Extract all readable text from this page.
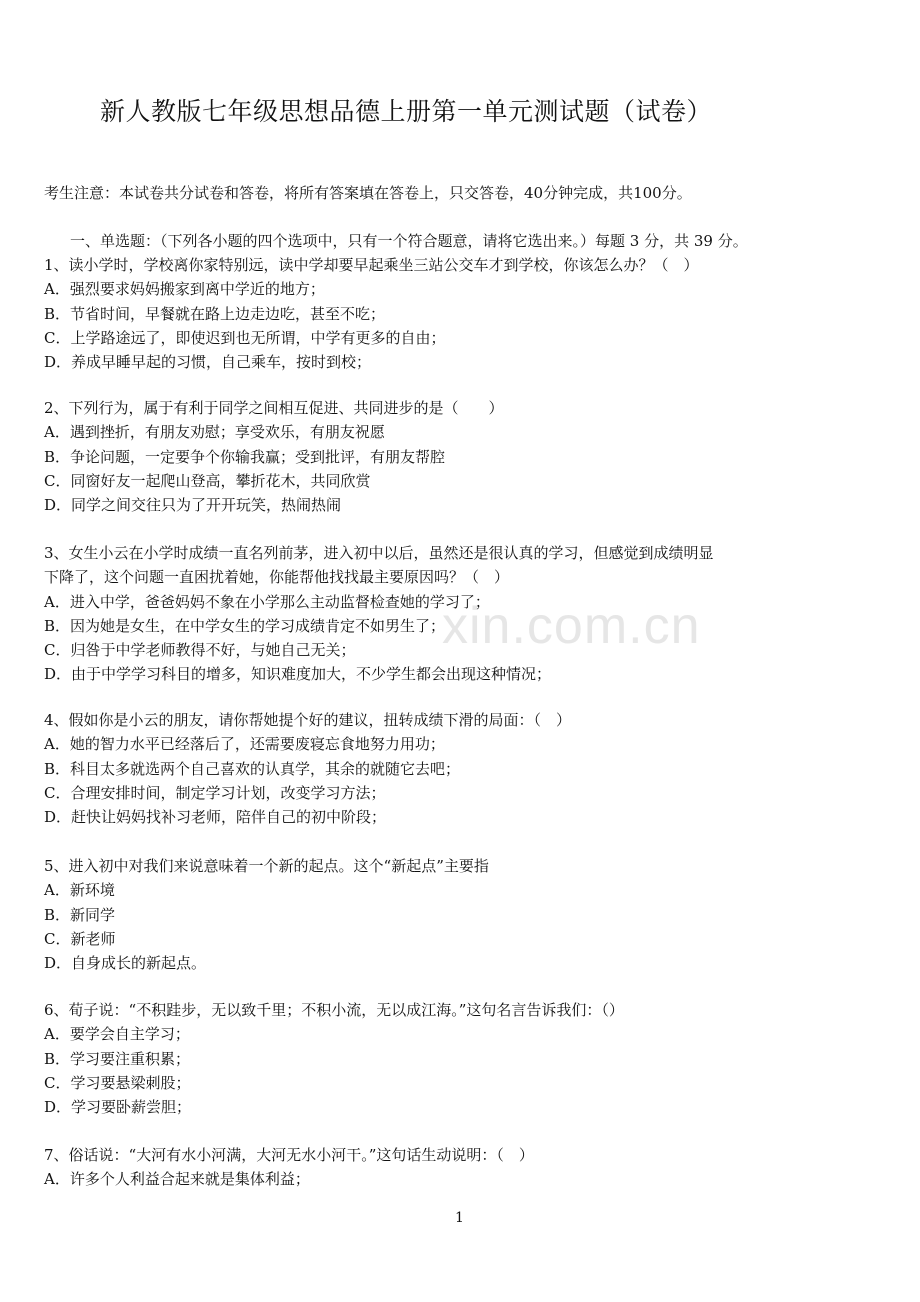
新人教版七年级思想品德上册第一单元测试题（试卷）
考生注意：本试卷共分试卷和答卷，将所有答案填在答卷上，只交答卷，40分钟完成，共100分。
一、单选题：（下列各小题的四个选项中，只有一个符合题意，请将它选出来。）每题 3 分，共 39 分。
xin.com.cn
1、读小学时，学校离你家特别远，读中学却要早起乘坐三站公交车才到学校，你该怎么办？（　）
A．强烈要求妈妈搬家到离中学近的地方；
B．节省时间，早餐就在路上边走边吃，甚至不吃；
C．上学路途远了，即使迟到也无所谓，中学有更多的自由；
D．养成早睡早起的习惯，自己乘车，按时到校；
2、下列行为，属于有利于同学之间相互促进、共同进步的是（　　）
A．遇到挫折，有朋友劝慰；享受欢乐，有朋友祝愿
B．争论问题，一定要争个你输我赢；受到批评，有朋友帮腔
C．同窗好友一起爬山登高，攀折花木，共同欣赏
D．同学之间交往只为了开开玩笑，热闹热闹
3、女生小云在小学时成绩一直名列前茅，进入初中以后，虽然还是很认真的学习，但感觉到成绩明显
下降了，这个问题一直困扰着她，你能帮他找找最主要原因吗？（　）
A．进入中学，爸爸妈妈不象在小学那么主动监督检查她的学习了；
B．因为她是女生，在中学女生的学习成绩肯定不如男生了；
C．归咎于中学老师教得不好，与她自己无关；
D．由于中学学习科目的增多，知识难度加大，不少学生都会出现这种情况；
4、假如你是小云的朋友，请你帮她提个好的建议，扭转成绩下滑的局面：（　）
A．她的智力水平已经落后了，还需要废寝忘食地努力用功；
B．科目太多就选两个自己喜欢的认真学，其余的就随它去吧；
C．合理安排时间，制定学习计划，改变学习方法；
D．赶快让妈妈找补习老师，陪伴自己的初中阶段；
5、进入初中对我们来说意味着一个新的起点。这个“新起点”主要指
A．新环境
B．新同学
C．新老师
D．自身成长的新起点。
6、荀子说：“不积跬步，无以致千里；不积小流，无以成江海。”这句名言告诉我们：（）
A．要学会自主学习；
B．学习要注重积累；
C．学习要悬梁刺股；
D．学习要卧薪尝胆；
7、俗话说：“大河有水小河满，大河无水小河干。”这句话生动说明：（　）
A．许多个人利益合起来就是集体利益；
1
